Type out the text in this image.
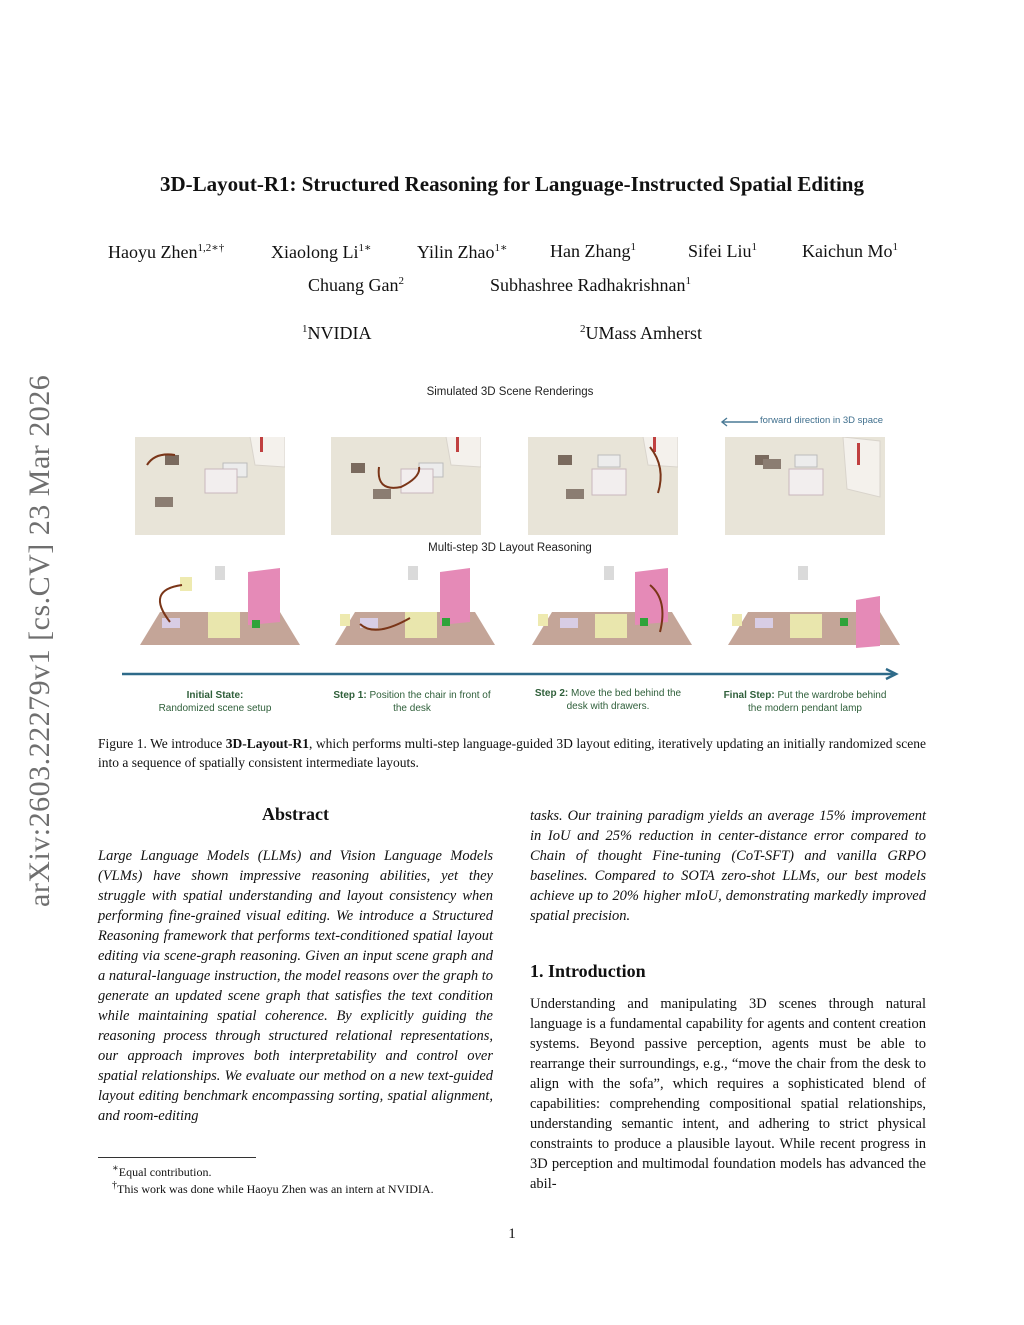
arXiv:2603.22279v1 [cs.CV] 23 Mar 2026
3D-Layout-R1: Structured Reasoning for Language-Instructed Spatial Editing
Haoyu Zhen$^{1,2∗\dagger}$	Xiaolong $Li^{1∗}$	Yilin Zhao$^{1∗}$ Han Zhang$^1$	Sifei Liu$^1$	Kaichun Mo$^1$
Chuang Gan$^2$	Subhashree Radhakrishnan$^1$
$^1$NVIDIA	$^2$UMass Amherst
Simulated 3D Scene Renderings
forward direction in 3D space
Multi-step 3D Layout Reasoning
Initial State:
Randomized scene setup
Step 1: Position the chair in front of the desk
Step 2: Move the bed behind the desk with drawers.
Final Step: Put the wardrobe behind the modern pendant lamp
Figure 1. We introduce 3D-Layout-R1, which performs multi-step language-guided 3D layout editing, iteratively updating an initially randomized scene into a sequence of spatially consistent intermediate layouts.
Abstract
Large Language Models (LLMs) and Vision Language Models (VLMs) have shown impressive reasoning abilities, yet they struggle with spatial understanding and layout consistency when performing fine-grained visual editing. We introduce a Structured Reasoning framework that performs text-conditioned spatial layout editing via scene-graph reasoning. Given an input scene graph and a natural-language instruction, the model reasons over the graph to generate an updated scene graph that satisfies the text condition while maintaining spatial coherence. By explicitly guiding the reasoning process through structured relational representations, our approach improves both interpretability and control over spatial relationships. We evaluate our method on a new text-guided layout editing benchmark encompassing sorting, spatial alignment, and room-editing
∗Equal contribution.
†This work was done while Haoyu Zhen was an intern at NVIDIA.
tasks. Our training paradigm yields an average 15% improvement in IoU and 25% reduction in center-distance error compared to Chain of thought Fine-tuning (CoT-SFT) and vanilla GRPO baselines. Compared to SOTA zero-shot LLMs, our best models achieve up to 20% higher mIoU, demonstrating markedly improved spatial precision.
1. Introduction
Understanding and manipulating 3D scenes through natural language is a fundamental capability for agents and content creation systems. Beyond passive perception, agents must be able to rearrange their surroundings, e.g., “move the chair from the desk to align with the sofa”, which requires a sophisticated blend of capabilities: comprehending compositional spatial relationships, understanding semantic intent, and adhering to strict physical constraints to produce a plausible layout. While recent progress in 3D perception and multimodal foundation models has advanced the abil-
1
